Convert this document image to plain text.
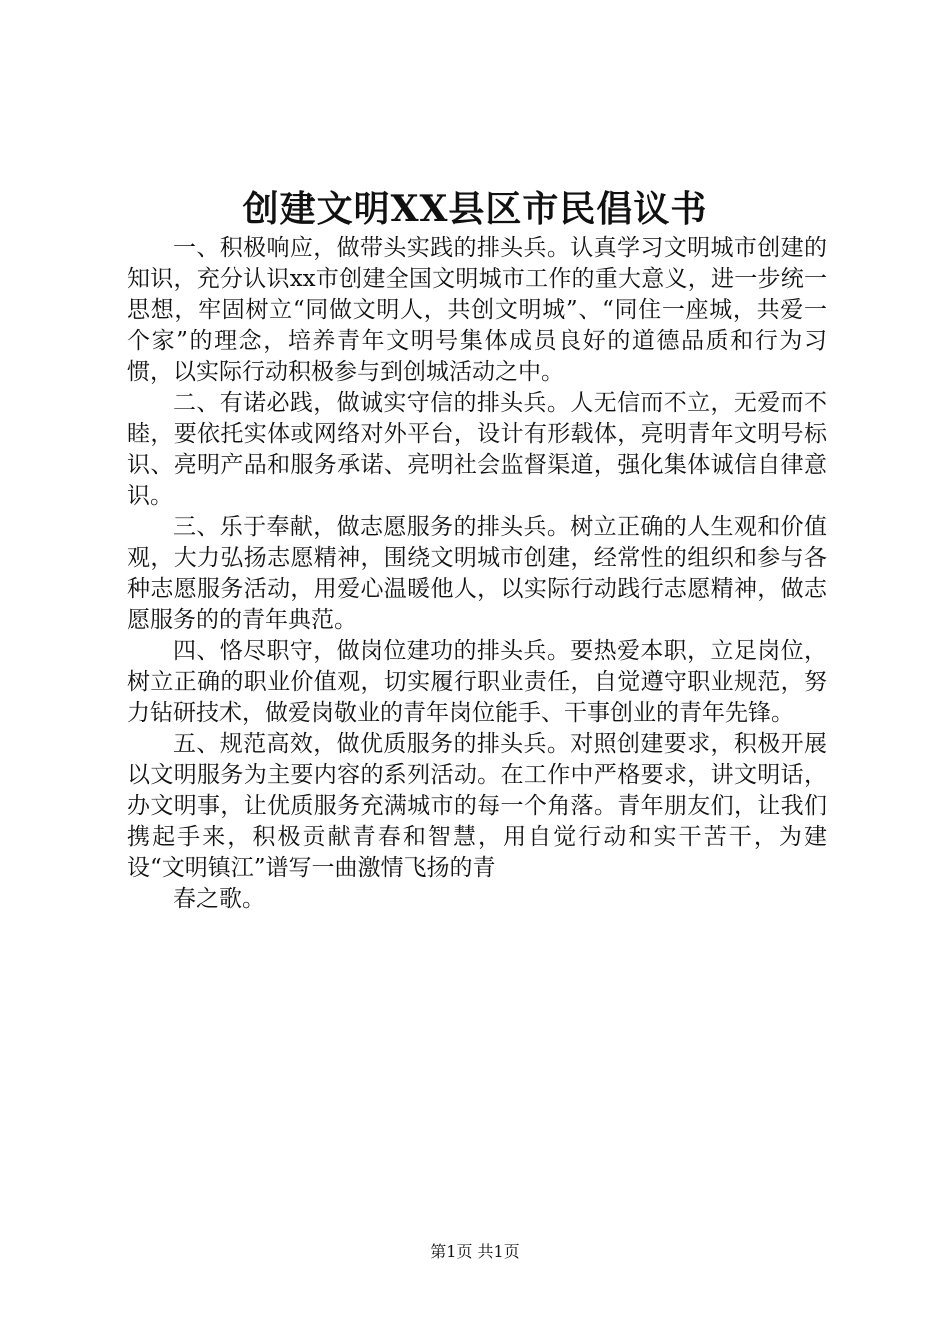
创建文明XX县区市民倡议书

一、积极响应，做带头实践的排头兵。认真学习文明城市创建的知识，充分认识xx市创建全国文明城市工作的重大意义，进一步统一思想，牢固树立“同做文明人，共创文明城”、“同住一座城，共爱一个家”的理念，培养青年文明号集体成员良好的道德品质和行为习惯，以实际行动积极参与到创城活动之中。

二、有诺必践，做诚实守信的排头兵。人无信而不立，无爱而不睦，要依托实体或网络对外平台，设计有形载体，亮明青年文明号标识、亮明产品和服务承诺、亮明社会监督渠道，强化集体诚信自律意识。

三、乐于奉献，做志愿服务的排头兵。树立正确的人生观和价值观，大力弘扬志愿精神，围绕文明城市创建，经常性的组织和参与各种志愿服务活动，用爱心温暖他人，以实际行动践行志愿精神，做志愿服务的的青年典范。

四、恪尽职守，做岗位建功的排头兵。要热爱本职，立足岗位，树立正确的职业价值观，切实履行职业责任，自觉遵守职业规范，努力钻研技术，做爱岗敬业的青年岗位能手、干事创业的青年先锋。

五、规范高效，做优质服务的排头兵。对照创建要求，积极开展以文明服务为主要内容的系列活动。在工作中严格要求，讲文明话，办文明事，让优质服务充满城市的每一个角落。青年朋友们，让我们携起手来，积极贡献青春和智慧，用自觉行动和实干苦干，为建设“文明镇江”谱写一曲激情飞扬的青

春之歌。

第1页 共1页
